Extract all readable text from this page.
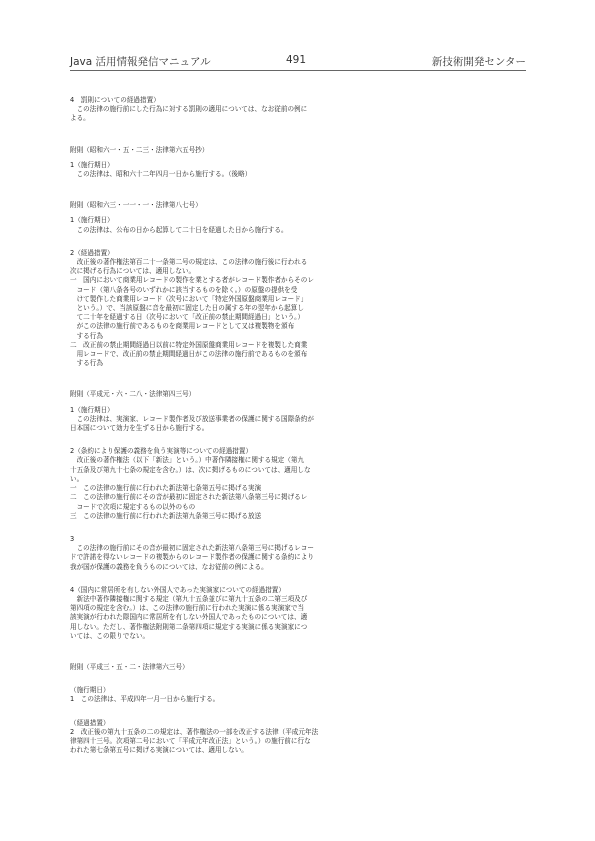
Java 活用情報発信マニュアル	491	新技術開発センター
4　罰則についての経過措置）
　この法律の施行前にした行為に対する罰則の適用については、なお従前の例に
よる。
附則（昭和六一・五・二三・法律第六五号抄）
1（施行期日）
　この法律は、昭和六十二年四月一日から施行する。（後略）
附則（昭和六三・一一・一・法律第八七号）
1（施行期日）
　この法律は、公布の日から起算して二十日を経過した日から施行する。
2（経過措置）
　改正後の著作権法第百二十一条第二号の規定は、この法律の施行後に行われる
次に掲げる行為については、適用しない。
一　国内において商業用レコードの製作を業とする者がレコード製作者からそのレ
　コード（第八条各号のいずれかに該当するものを除く。）の原盤の提供を受
　けて製作した商業用レコード（次号において「特定外国原盤商業用レコード」
　という。）で、当該原盤に音を最初に固定した日の属する年の翌年から起算し
　て二十年を経過する日（次号において「改正前の禁止期間経過日」という。）
　がこの法律の施行前であるものを商業用レコードとして又は複製物を頒布
　する行為
二　改正前の禁止期間経過日以前に特定外国原盤商業用レコードを複製した商業
　用レコードで、改正前の禁止期間経過日がこの法律の施行前であるものを頒布
　する行為
附則（平成元・六・二八・法律第四三号）
1（施行期日）
　この法律は、実演家、レコード製作者及び放送事業者の保護に関する国際条約が
日本国について効力を生ずる日から施行する。
2（条約により保護の義務を負う実演等についての経過措置）
　改正後の著作権法（以下「新法」という。）中著作隣接権に関する規定（第九
十五条及び第九十七条の規定を含む。）は、次に掲げるものについては、適用しな
い。
一　この法律の施行前に行われた新法第七条第五号に掲げる実演
二　この法律の施行前にその音が最初に固定された新法第八条第三号に掲げるレ
　コードで次項に規定するもの以外のもの
三　この法律の施行前に行われた新法第九条第三号に掲げる放送
3
　この法律の施行前にその音が最初に固定された新法第八条第三号に掲げるレコー
ドで許諾を得ないレコードの複製からのレコード製作者の保護に関する条約により
我が国が保護の義務を負うものについては、なお従前の例による。
4（国内に常居所を有しない外国人であった実演家についての経過措置）
　新法中著作隣接権に関する規定（第九十五条並びに第九十五条の二第三項及び
第四項の規定を含む。）は、この法律の施行前に行われた実演に係る実演家で当
該実演が行われた際国内に常居所を有しない外国人であったものについては、適
用しない。ただし、著作権法附則第二条第四項に規定する実演に係る実演家につ
いては、この限りでない。
附則（平成三・五・二・法律第六三号）
（施行期日）
1　この法律は、平成四年一月一日から施行する。
（経過措置）
2　改正後の第九十五条の二の規定は、著作権法の一部を改正する法律（平成元年法
律第四十三号。次項第二号において「平成元年改正法」という。）の施行前に行な
われた第七条第五号に掲げる実演については、適用しない。
